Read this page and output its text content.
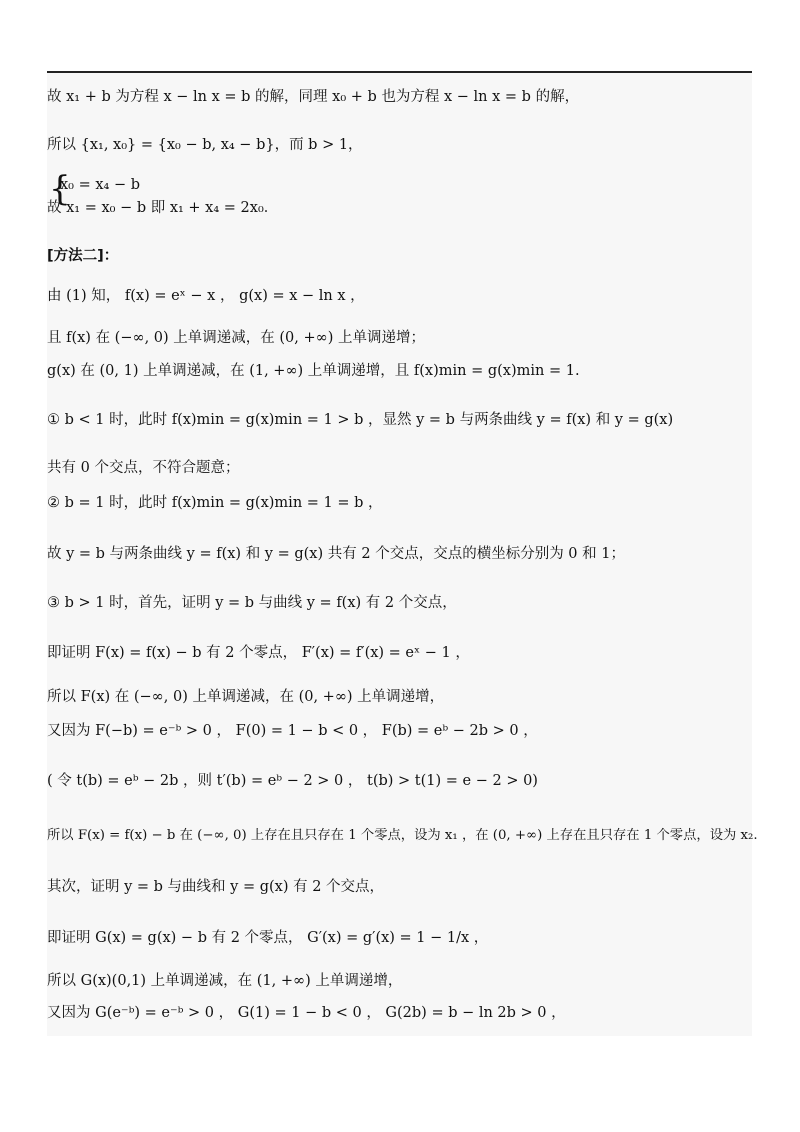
故 x₁ + b 为方程 x − ln x = b 的解，同理 x₀ + b 也为方程 x − ln x = b 的解，
所以 {x₁, x₀} = {x₀ − b, x₄ − b}，而 b > 1，
x₀ = x₄ − b
故 x₁ = x₀ − b 即 x₁ + x₄ = 2x₀．
[方法二]：
由 (1) 知， f(x) = eˣ − x ， g(x) = x − ln x ，
且 f(x) 在 (−∞, 0) 上单调递减，在 (0, +∞) 上单调递增；
g(x) 在 (0, 1) 上单调递减，在 (1, +∞) 上单调递增，且 f(x)min = g(x)min = 1.
① b < 1 时，此时 f(x)min = g(x)min = 1 > b ，显然 y = b 与两条曲线 y = f(x) 和 y = g(x)
共有 0 个交点，不符合题意；
② b = 1 时，此时 f(x)min = g(x)min = 1 = b ，
故 y = b 与两条曲线 y = f(x) 和 y = g(x) 共有 2 个交点，交点的横坐标分别为 0 和 1；
③ b > 1 时，首先，证明 y = b 与曲线 y = f(x) 有 2 个交点，
即证明 F(x) = f(x) − b 有 2 个零点， F′(x) = f′(x) = eˣ − 1 ，
所以 F(x) 在 (−∞, 0) 上单调递减，在 (0, +∞) 上单调递增，
又因为 F(−b) = e⁻ᵇ > 0 ， F(0) = 1 − b < 0 ， F(b) = eᵇ − 2b > 0 ，
( 令 t(b) = eᵇ − 2b ，则 t′(b) = eᵇ − 2 > 0 ， t(b) > t(1) = e − 2 > 0)
所以 F(x) = f(x) − b 在 (−∞, 0) 上存在且只存在 1 个零点，设为 x₁ ，在 (0, +∞) 上存在且只存在 1 个零点，设为 x₂.
其次，证明 y = b 与曲线和 y = g(x) 有 2 个交点，
即证明 G(x) = g(x) − b 有 2 个零点， G′(x) = g′(x) = 1 − 1/x ，
所以 G(x)(0,1) 上单调递减，在 (1, +∞) 上单调递增，
又因为 G(e⁻ᵇ) = e⁻ᵇ > 0 ， G(1) = 1 − b < 0 ， G(2b) = b − ln 2b > 0 ，
{
